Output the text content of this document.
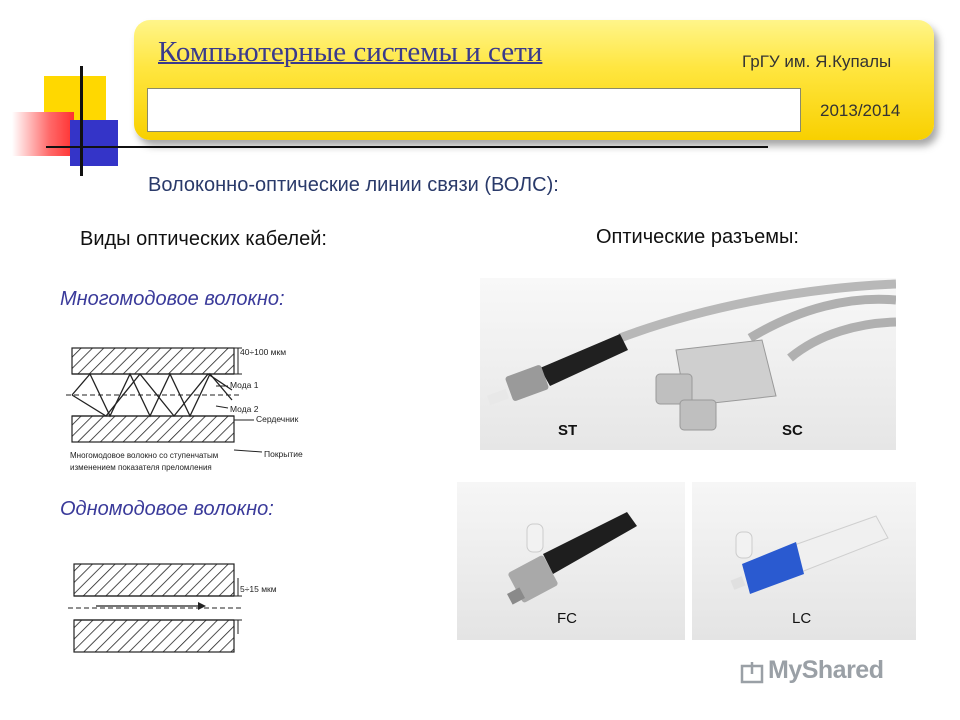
Компьютерные системы и сети	ГрГУ им. Я.Купалы
2013/2014
Волоконно-оптические линии связи (ВОЛС):
Виды оптических кабелей:	Оптические разъемы:
Многомодовое волокно:
Одномодовое волокно:
40÷100 мкм
Мода 1
Мода 2
Сердечник
Покрытие
Многомодовое волокно со ступенчатым
изменением показателя преломления
5÷15 мкм
ST	SC
FC	LC
MyShared
